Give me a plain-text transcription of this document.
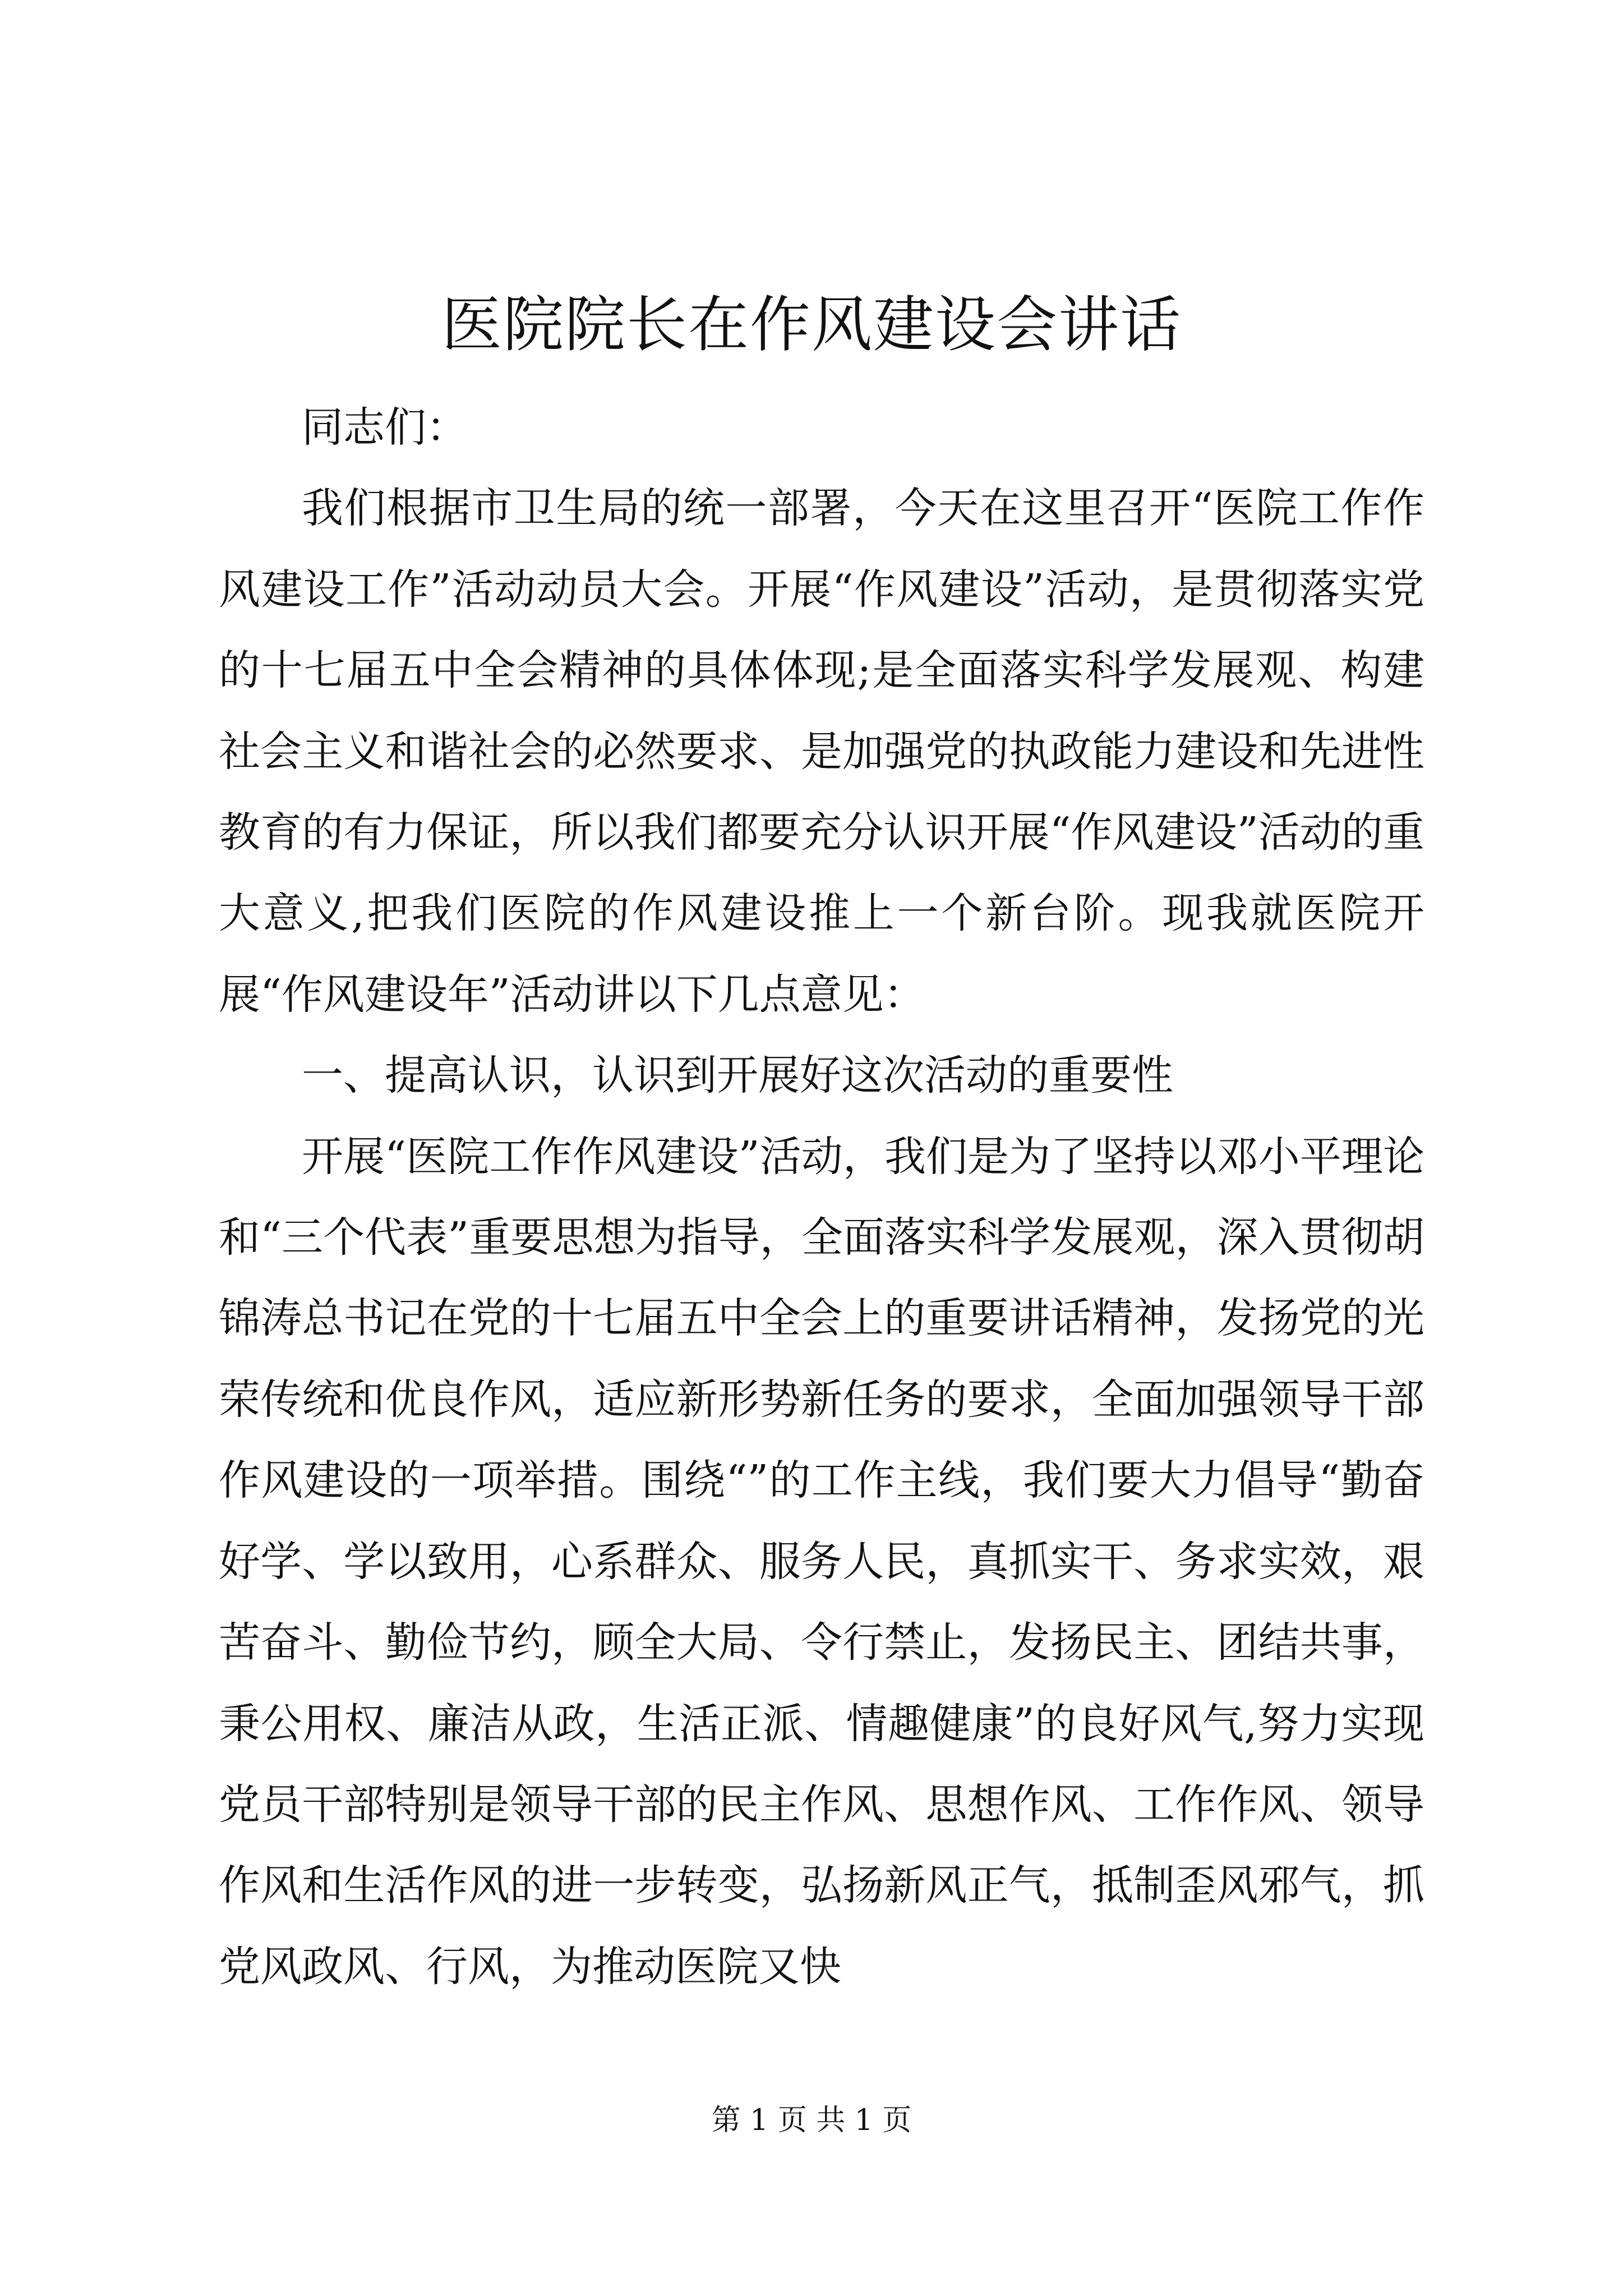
医院院长在作风建设会讲话

同志们：

我们根据市卫生局的统一部署，今天在这里召开“医院工作作风建设工作”活动动员大会。开展“作风建设”活动，是贯彻落实党的十七届五中全会精神的具体体现;是全面落实科学发展观、构建社会主义和谐社会的必然要求、是加强党的执政能力建设和先进性教育的有力保证，所以我们都要充分认识开展“作风建设”活动的重大意义,把我们医院的作风建设推上一个新台阶。现我就医院开展“作风建设年”活动讲以下几点意见：

一、提高认识，认识到开展好这次活动的重要性

开展“医院工作作风建设”活动，我们是为了坚持以邓小平理论和“三个代表”重要思想为指导，全面落实科学发展观，深入贯彻胡锦涛总书记在党的十七届五中全会上的重要讲话精神，发扬党的光荣传统和优良作风，适应新形势新任务的要求，全面加强领导干部作风建设的一项举措。围绕“”的工作主线，我们要大力倡导“勤奋好学、学以致用，心系群众、服务人民，真抓实干、务求实效，艰苦奋斗、勤俭节约，顾全大局、令行禁止，发扬民主、团结共事，秉公用权、廉洁从政，生活正派、情趣健康”的良好风气,努力实现党员干部特别是领导干部的民主作风、思想作风、工作作风、领导作风和生活作风的进一步转变，弘扬新风正气，抵制歪风邪气，抓党风政风、行风，为推动医院又快

第 1 页 共 1 页
